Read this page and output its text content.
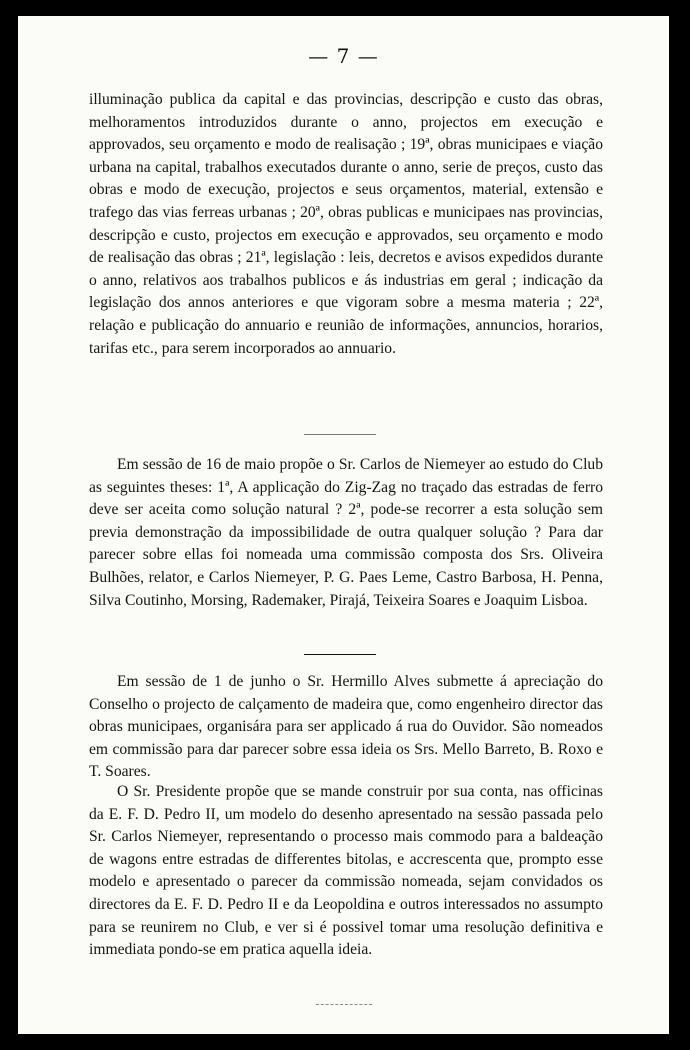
— 7 —

illuminação publica da capital e das provincias, descripção e custo das obras, melhoramentos introduzidos durante o anno, projectos em execução e approvados, seu orçamento e modo de realisação ; 19ª, obras municipaes e viação urbana na capital, trabalhos executados durante o anno, serie de preços, custo das obras e modo de execução, projectos e seus orçamentos, material, extensão e trafego das vias ferreas urbanas ; 20ª, obras publicas e municipaes nas provincias, descripção e custo, projectos em execução e approvados, seu orçamento e modo de realisação das obras ; 21ª, legislação : leis, decretos e avisos expedidos durante o anno, relativos aos trabalhos publicos e ás industrias em geral ; indicação da legislação dos annos anteriores e que vigoram sobre a mesma materia ; 22ª, relação e publicação do annuario e reunião de informações, annuncios, horarios, tarifas etc., para serem incorporados ao annuario.

Em sessão de 16 de maio propõe o Sr. Carlos de Niemeyer ao estudo do Club as seguintes theses: 1ª, A applicação do Zig-Zag no traçado das estradas de ferro deve ser aceita como solução natural ? 2ª, pode-se recorrer a esta solução sem previa demonstração da impossibilidade de outra qualquer solução ? Para dar parecer sobre ellas foi nomeada uma commissão composta dos Srs. Oliveira Bulhões, relator, e Carlos Niemeyer, P. G. Paes Leme, Castro Barbosa, H. Penna, Silva Coutinho, Morsing, Rademaker, Pirajá, Teixeira Soares e Joaquim Lisboa.

Em sessão de 1 de junho o Sr. Hermillo Alves submette á apreciação do Conselho o projecto de calçamento de madeira que, como engenheiro director das obras municipaes, organisára para ser applicado á rua do Ouvidor. São nomeados em commissão para dar parecer sobre essa ideia os Srs. Mello Barreto, B. Roxo e T. Soares.

O Sr. Presidente propõe que se mande construir por sua conta, nas officinas da E. F. D. Pedro II, um modelo do desenho apresentado na sessão passada pelo Sr. Carlos Niemeyer, representando o processo mais commodo para a baldeação de wagons entre estradas de differentes bitolas, e accrescenta que, prompto esse modelo e apresentado o parecer da commissão nomeada, sejam convidados os directores da E. F. D. Pedro II e da Leopoldina e outros interessados no assumpto para se reunirem no Club, e ver si é possivel tomar uma resolução definitiva e immediata pondo-se em pratica aquella ideia.
